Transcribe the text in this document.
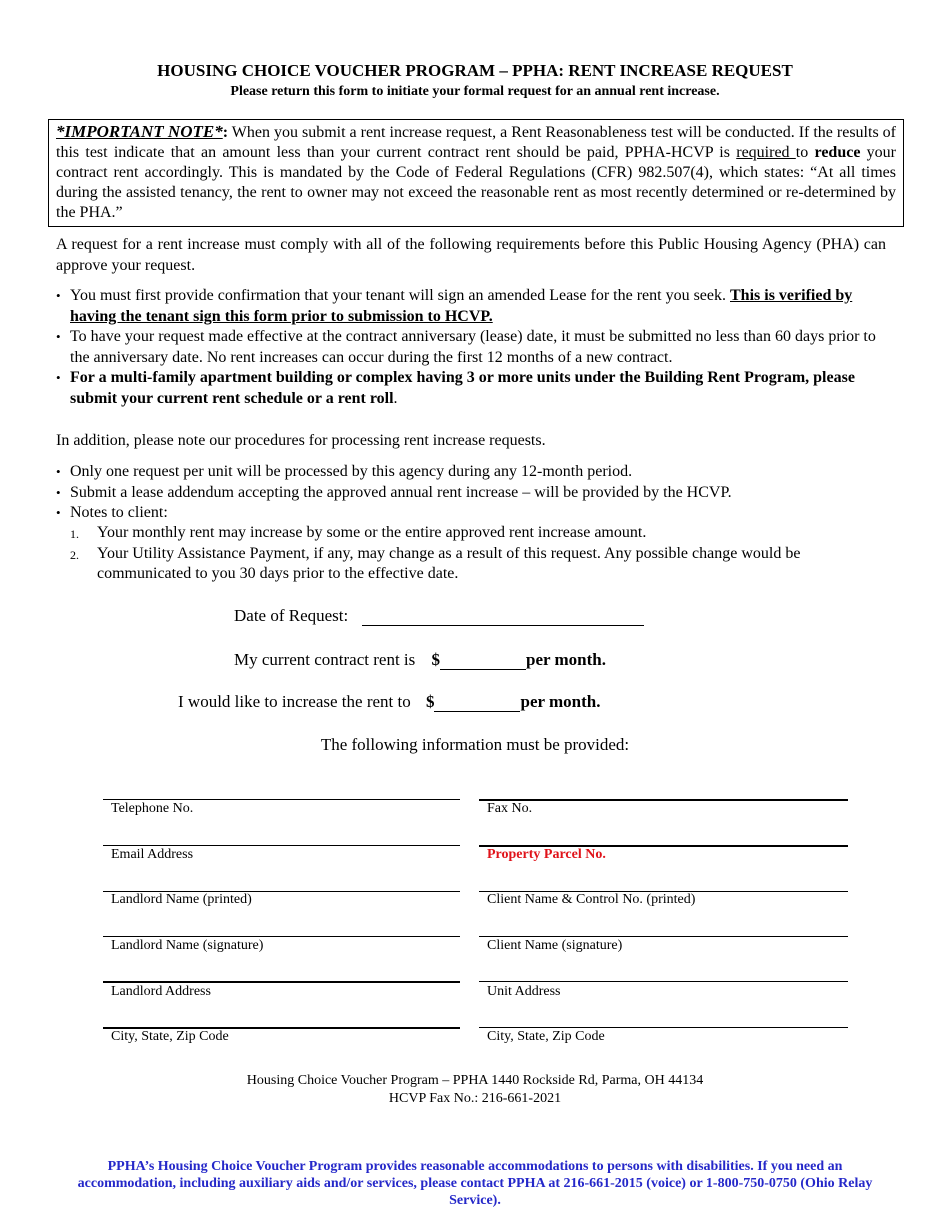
HOUSING CHOICE VOUCHER PROGRAM – PPHA: RENT INCREASE REQUEST
Please return this form to initiate your formal request for an annual rent increase.
*IMPORTANT NOTE*: When you submit a rent increase request, a Rent Reasonableness test will be conducted. If the results of this test indicate that an amount less than your current contract rent should be paid, PPHA-HCVP is required to reduce your contract rent accordingly. This is mandated by the Code of Federal Regulations (CFR) 982.507(4), which states: “At all times during the assisted tenancy, the rent to owner may not exceed the reasonable rent as most recently determined or re-determined by the PHA.”
A request for a rent increase must comply with all of the following requirements before this Public Housing Agency (PHA) can approve your request.
• You must first provide confirmation that your tenant will sign an amended Lease for the rent you seek. This is verified by having the tenant sign this form prior to submission to HCVP.
• To have your request made effective at the contract anniversary (lease) date, it must be submitted no less than 60 days prior to the anniversary date. No rent increases can occur during the first 12 months of a new contract.
• For a multi-family apartment building or complex having 3 or more units under the Building Rent Program, please submit your current rent schedule or a rent roll.
In addition, please note our procedures for processing rent increase requests.
• Only one request per unit will be processed by this agency during any 12-month period.
• Submit a lease addendum accepting the approved annual rent increase – will be provided by the HCVP.
• Notes to client:
1. Your monthly rent may increase by some or the entire approved rent increase amount.
2. Your Utility Assistance Payment, if any, may change as a result of this request. Any possible change would be communicated to you 30 days prior to the effective date.
Date of Request:
My current contract rent is $	per month.
I would like to increase the rent to $	per month.
The following information must be provided:
Telephone No.
Email Address
Landlord Name (printed)
Landlord Name (signature)
Landlord Address
City, State, Zip Code
Fax No.
Property Parcel No.
Client Name & Control No. (printed)
Client Name (signature)
Unit Address
City, State, Zip Code
Housing Choice Voucher Program – PPHA 1440 Rockside Rd, Parma, OH 44134
HCVP Fax No.: 216-661-2021
PPHA’s Housing Choice Voucher Program provides reasonable accommodations to persons with disabilities. If you need an accommodation, including auxiliary aids and/or services, please contact PPHA at 216-661-2015 (voice) or 1-800-750-0750 (Ohio Relay Service).
